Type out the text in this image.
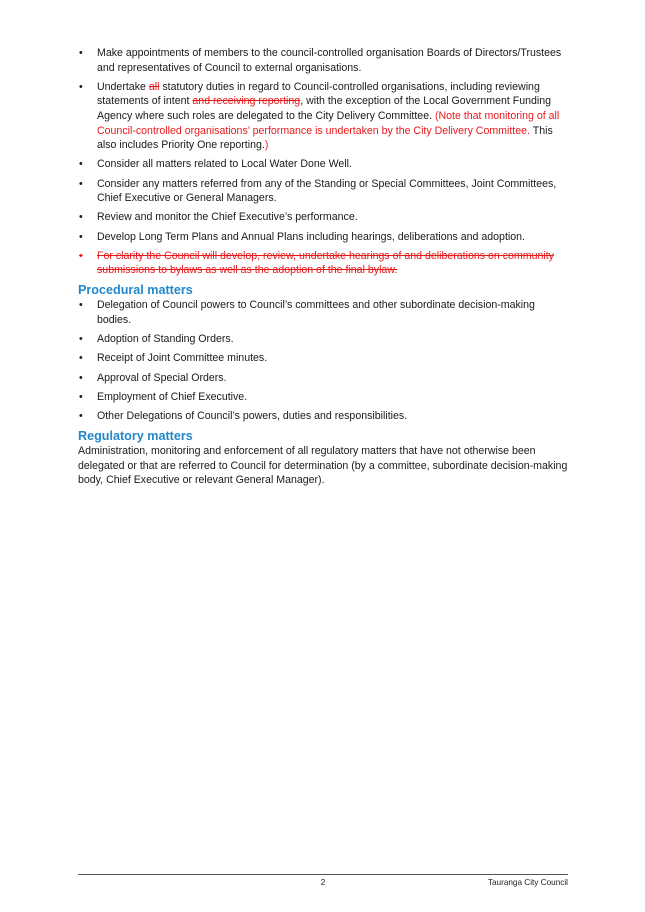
• Make appointments of members to the council-controlled organisation Boards of Directors/Trustees and representatives of Council to external organisations.
• Undertake all statutory duties in regard to Council-controlled organisations, including reviewing statements of intent and receiving reporting, with the exception of the Local Government Funding Agency where such roles are delegated to the City Delivery Committee. (Note that monitoring of all Council-controlled organisations’ performance is undertaken by the City Delivery Committee. This also includes Priority One reporting.)
• Consider all matters related to Local Water Done Well.
• Consider any matters referred from any of the Standing or Special Committees, Joint Committees, Chief Executive or General Managers.
• Review and monitor the Chief Executive’s performance.
• Develop Long Term Plans and Annual Plans including hearings, deliberations and adoption.
• For clarity the Council will develop, review, undertake hearings of and deliberations on community submissions to bylaws as well as the adoption of the final bylaw.
Procedural matters
• Delegation of Council powers to Council’s committees and other subordinate decision-making bodies.
• Adoption of Standing Orders.
• Receipt of Joint Committee minutes.
• Approval of Special Orders.
• Employment of Chief Executive.
• Other Delegations of Council’s powers, duties and responsibilities.
Regulatory matters

Administration, monitoring and enforcement of all regulatory matters that have not otherwise been delegated or that are referred to Council for determination (by a committee, subordinate decision-making body, Chief Executive or relevant General Manager).

2	Tauranga City Council
